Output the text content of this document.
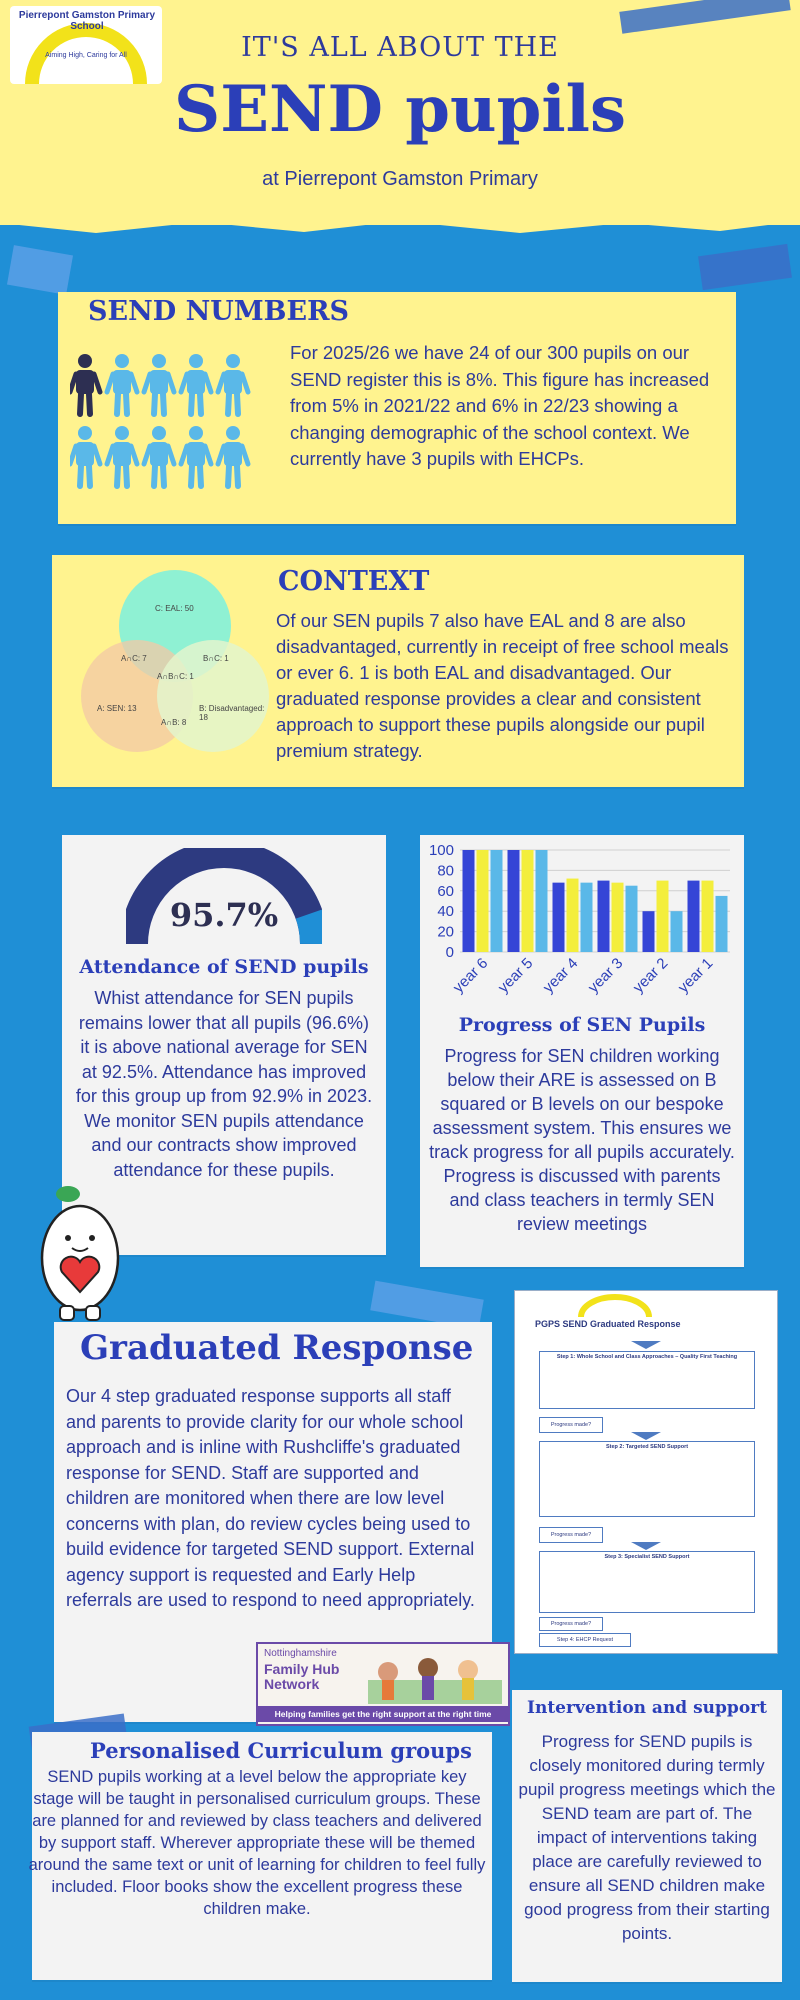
Pierrepont Gamston Primary School
Aiming High, Caring for All	IT'S ALL ABOUT THE
SEND pupils
at Pierrepont Gamston Primary
SEND NUMBERS
For 2025/26 we have 24 of our 300 pupils on our SEND register this is 8%. This figure has increased from 5% in 2021/22 and 6% in 22/23 showing a changing demographic of the school context. We currently have 3 pupils with EHCPs.
C: EAL: 50
A∩C: 7	B∩C: 1
A∩B∩C: 1
A: SEN: 13	B: Disadvantaged: 18
A∩B: 8
CONTEXT
Of our SEN pupils 7 also have EAL and 8 are also disadvantaged, currently in receipt of free school meals or ever 6. 1 is both EAL and disadvantaged. Our graduated response provides a clear and consistent approach to support these pupils alongside our pupil premium strategy.
95.7%
Attendance of SEND pupils
Whist attendance for SEN pupils remains lower that all pupils (96.6%) it is above national average for SEN at 92.5%. Attendance has improved for this group up from 92.9% in 2023. We monitor SEN pupils attendance and our contracts show improved attendance for these pupils.
0
20
40
60
80
100
year 6 year 5 year 4 year 3 year 2 year 1
Progress of SEN Pupils
Progress for SEN children working below their ARE is assessed on B squared or B levels on our bespoke assessment system. This ensures we track progress for all pupils accurately. Progress is discussed with parents and class teachers in termly SEN review meetings
Graduated Response
Our 4 step graduated response supports all staff and parents to provide clarity for our whole school approach and is inline with Rushcliffe's graduated response for SEND. Staff are supported and children are monitored when there are low level concerns with plan, do review cycles being used to build evidence for targeted SEND support. External agency support is requested and Early Help referrals are used to respond to need appropriately.
Nottinghamshire
Family Hub Network
Helping families get the right support at the right time
PGPS SEND Graduated Response
Step 1: Whole School and Class Approaches – Quality First Teaching
Progress made?
Step 2: Targeted SEND Support
Progress made?
Step 3: Specialist SEND Support
Progress made?
Step 4: EHCP Request
Personalised Curriculum groups
SEND pupils working at a level below the appropriate key stage will be taught in personalised curriculum groups. These are planned for and reviewed by class teachers and delivered by support staff. Wherever appropriate these will be themed around the same text or unit of learning for children to feel fully included. Floor books show the excellent progress these children make.
Intervention and support
Progress for SEND pupils is closely monitored during termly pupil progress meetings which the SEND team are part of. The impact of interventions taking place are carefully reviewed to ensure all SEND children make good progress from their starting points.
